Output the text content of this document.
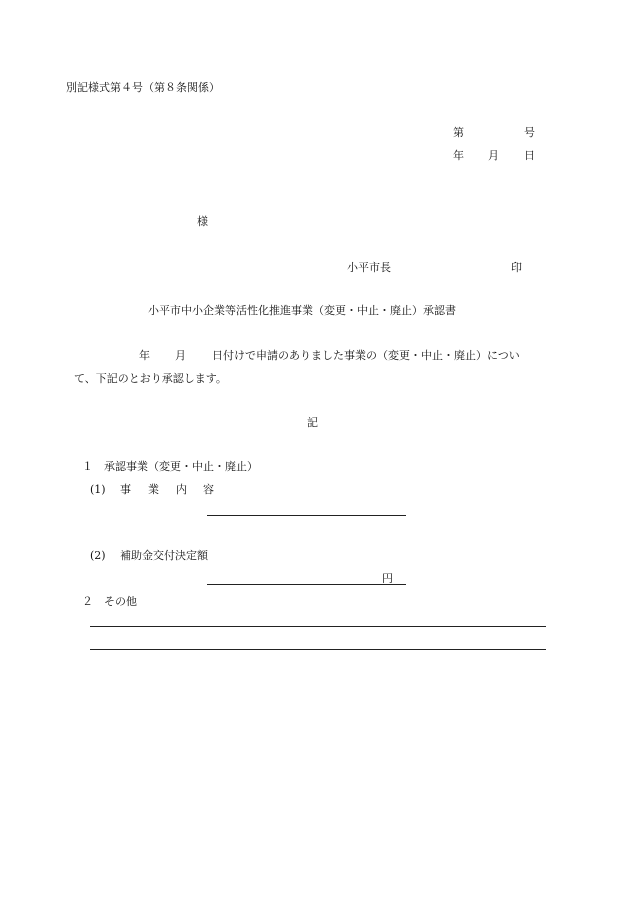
別記様式第４号（第８条関係）
第	号
年 月 日
様
小平市長	印
小平市中小企業等活性化推進事業（変更・中止・廃止）承認書
年 月 日付けで申請のありました事業の（変更・中止・廃止）につい
て、下記のとおり承認します。
記
１　承認事業（変更・中止・廃止）
(1) 事 業 内 容
(2) 補助金交付決定額
円
２　その他
